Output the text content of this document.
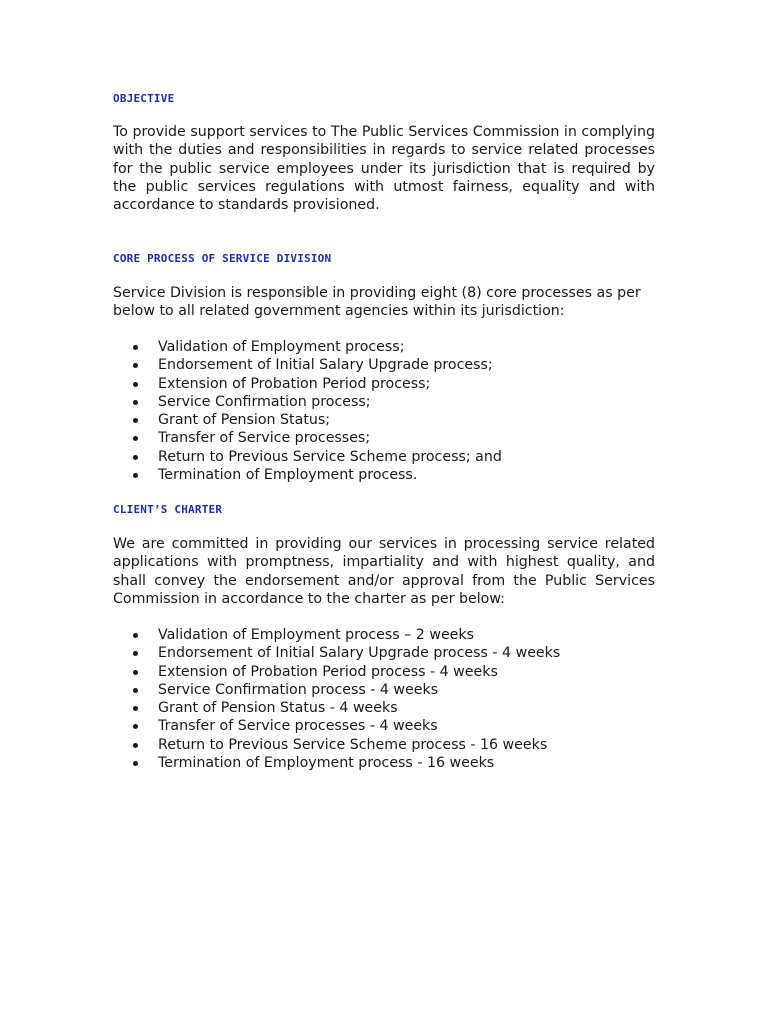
OBJECTIVE

To provide support services to The Public Services Commission in complying with the duties and responsibilities in regards to service related processes for the public service employees under its jurisdiction that is required by the public services regulations with utmost fairness, equality and with accordance to standards provisioned.

CORE PROCESS OF SERVICE DIVISION

Service Division is responsible in providing eight (8) core processes as per below to all related government agencies within its jurisdiction:

Validation of Employment process;
Endorsement of Initial Salary Upgrade process;
Extension of Probation Period process;
Service Confirmation process;
Grant of Pension Status;
Transfer of Service processes;
Return to Previous Service Scheme process; and
Termination of Employment process.
CLIENT’S CHARTER

We are committed in providing our services in processing service related applications with promptness, impartiality and with highest quality, and shall convey the endorsement and/or approval from the Public Services Commission in accordance to the charter as per below:

Validation of Employment process – 2 weeks
Endorsement of Initial Salary Upgrade process - 4 weeks
Extension of Probation Period process - 4 weeks
Service Confirmation process - 4 weeks
Grant of Pension Status - 4 weeks
Transfer of Service processes - 4 weeks
Return to Previous Service Scheme process - 16 weeks
Termination of Employment process - 16 weeks
